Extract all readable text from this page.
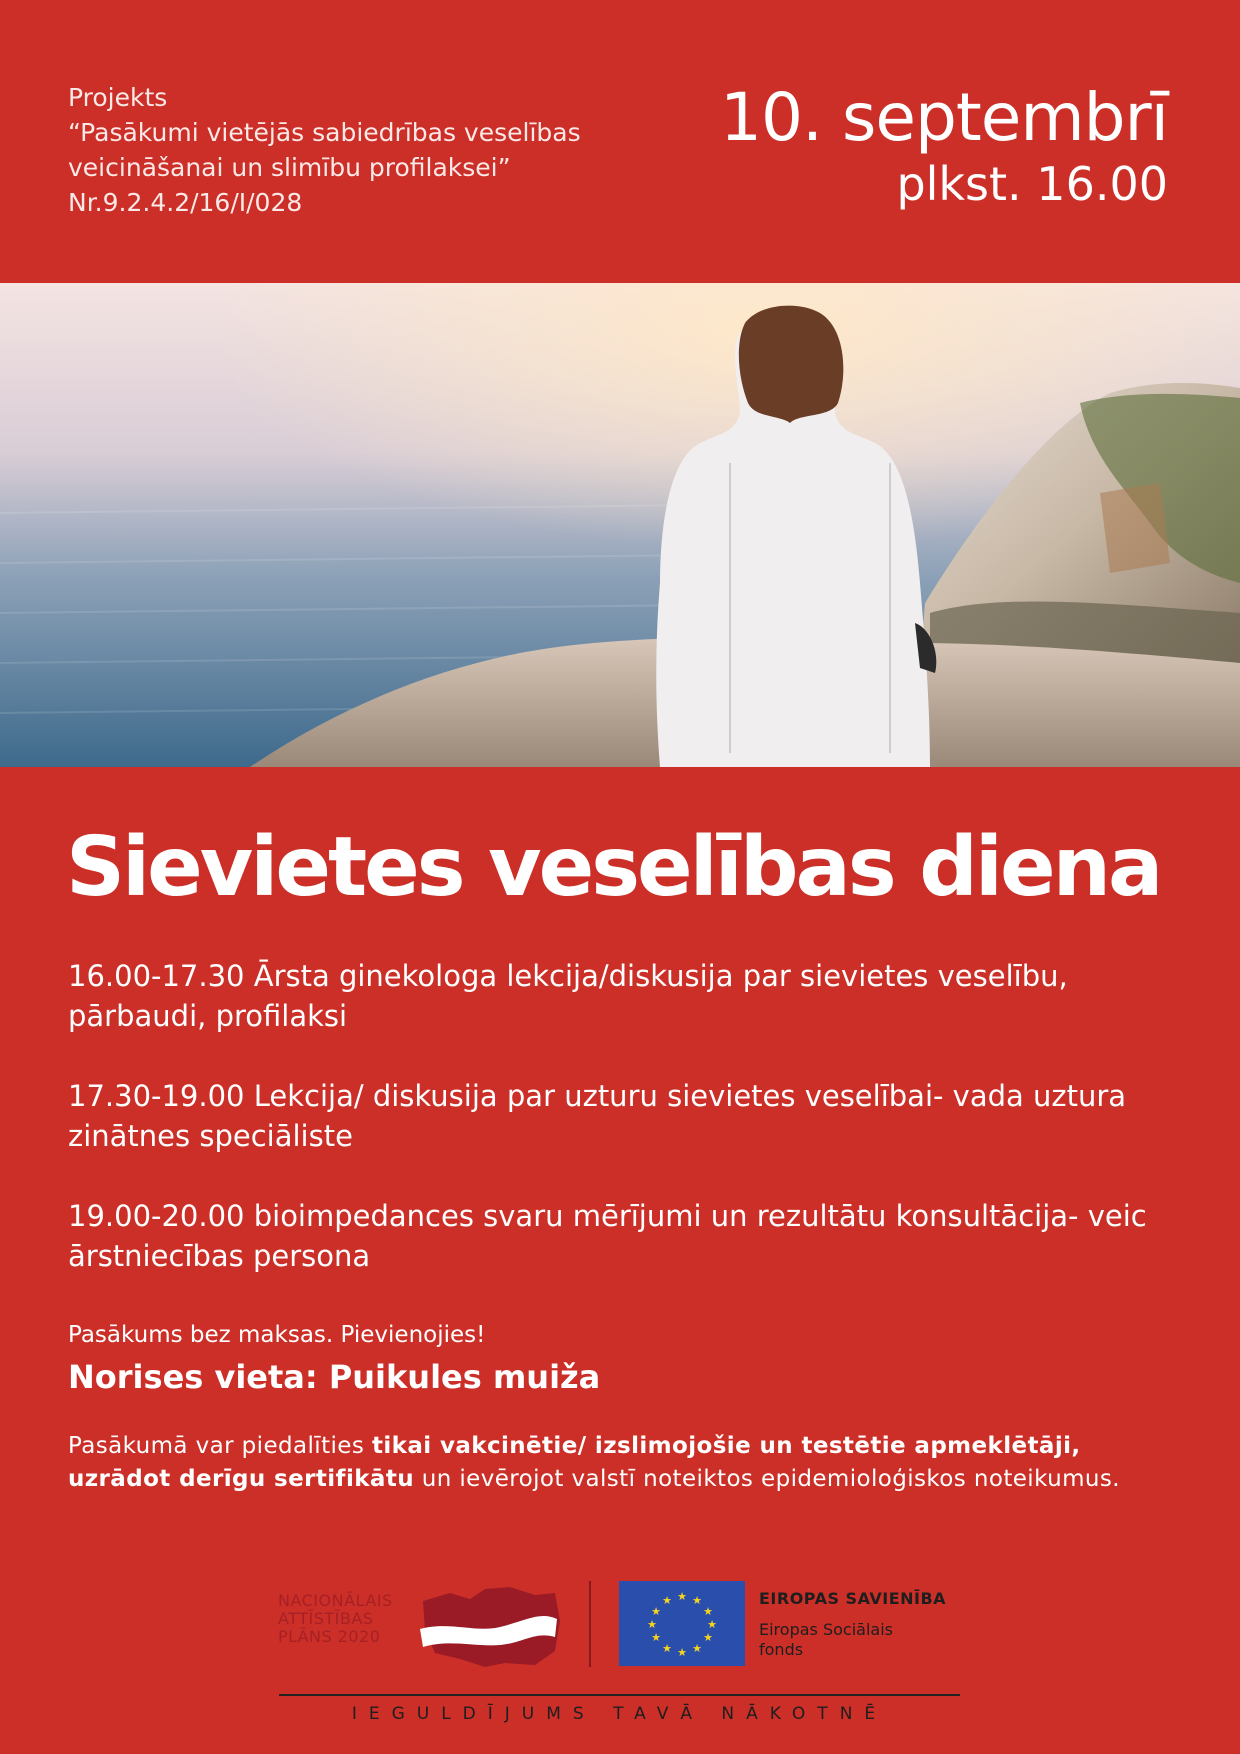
Projekts
“Pasākumi vietējās sabiedrības veselības
veicināšanai un slimību profilaksei”
Nr.9.2.4.2/16/I/028
10. septembrī
plkst. 16.00
Sievietes veselības diena
16.00-17.30 Ārsta ginekologa lekcija/diskusija par sievietes veselību, pārbaudi, profilaksi
17.30-19.00 Lekcija/ diskusija par uzturu sievietes veselībai- vada uztura zinātnes speciāliste
19.00-20.00 bioimpedances svaru mērījumi un rezultātu konsultācija- veic ārstniecības persona
Pasākums bez maksas. Pievienojies!
Norises vieta: Puikules muiža
Pasākumā var piedalīties tikai vakcinētie/ izslimojošie un testētie apmeklētāji, uzrādot derīgu sertifikātu un ievērojot valstī noteiktos epidemioloģiskos noteikumus.
NACIONĀLAIS
ATTĪSTĪBAS
PLĀNS 2020
★ ★
★
★
★
★
★
★
★
★
★
★	EIROPAS SAVIENĪBA
Eiropas Sociālais
fonds
IEGULDĪJUMS TAVĀ NĀKOTNĒ
